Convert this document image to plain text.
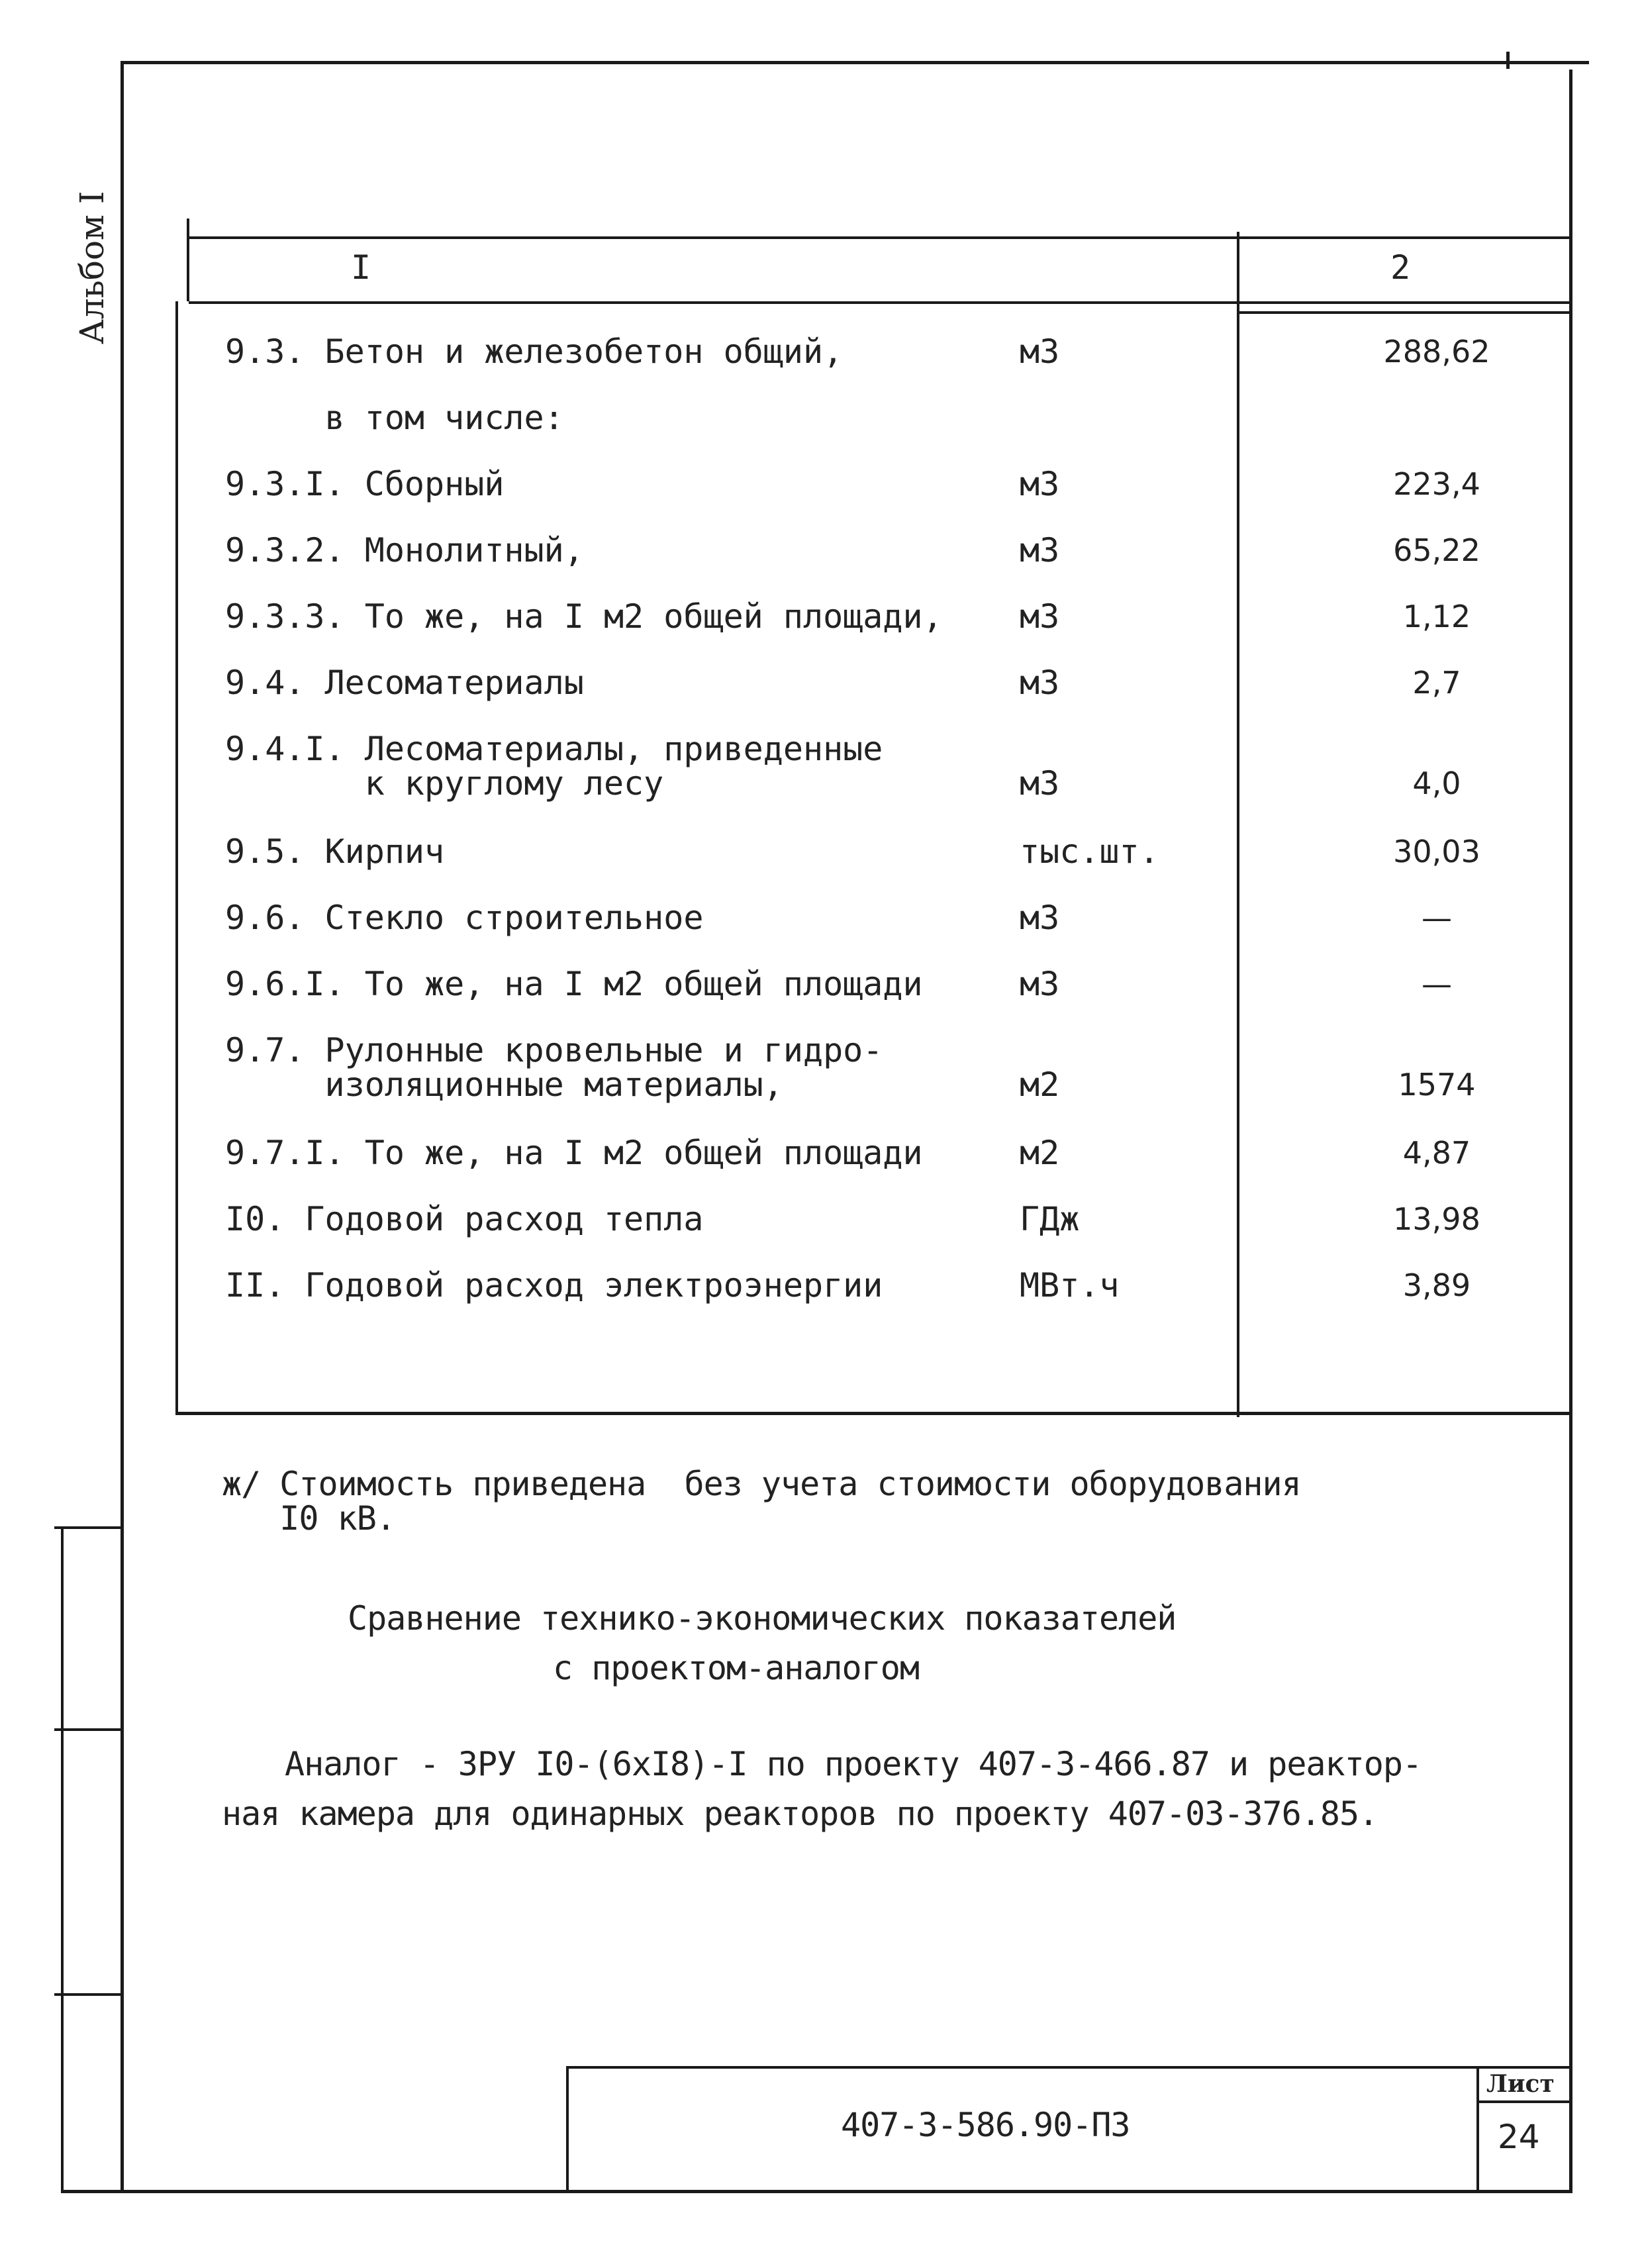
Альбом I	I	2
9.3. Бетон и железобетон общий,	м3	288,62
в том числе:
9.3.I. Сборный	м3	223,4
9.3.2. Монолитный,	м3	65,22
9.3.3. То же, на I м2 общей площади, м3	1,12
9.4. Лесоматериалы	м3	2,7
9.4.I. Лесоматериалы, приведенные
к круглому лесу	м3	4,0
9.5. Кирпич	тыс.шт.	30,03
9.6. Стекло строительное	м3	—
9.6.I. То же, на I м2 общей площади	м3	—
9.7. Рулонные кровельные и гидро-
изоляционные материалы,	м2	1574
9.7.I. То же, на I м2 общей площади	м2	4,87
I0. Годовой расход тепла	ГДж	13,98
II. Годовой расход электроэнергии	МВт.ч	3,89
ж/ Стоимость приведена  без учета стоимости оборудования
I0 кВ.
Сравнение технико-экономических показателей
с проектом-аналогом
Аналог - ЗРУ I0-(6хI8)-I по проекту 407-3-466.87 и реактор-
ная камера для одинарных реакторов по проекту 407-03-376.85.
407-3-586.90-ПЗ
Лист
24
